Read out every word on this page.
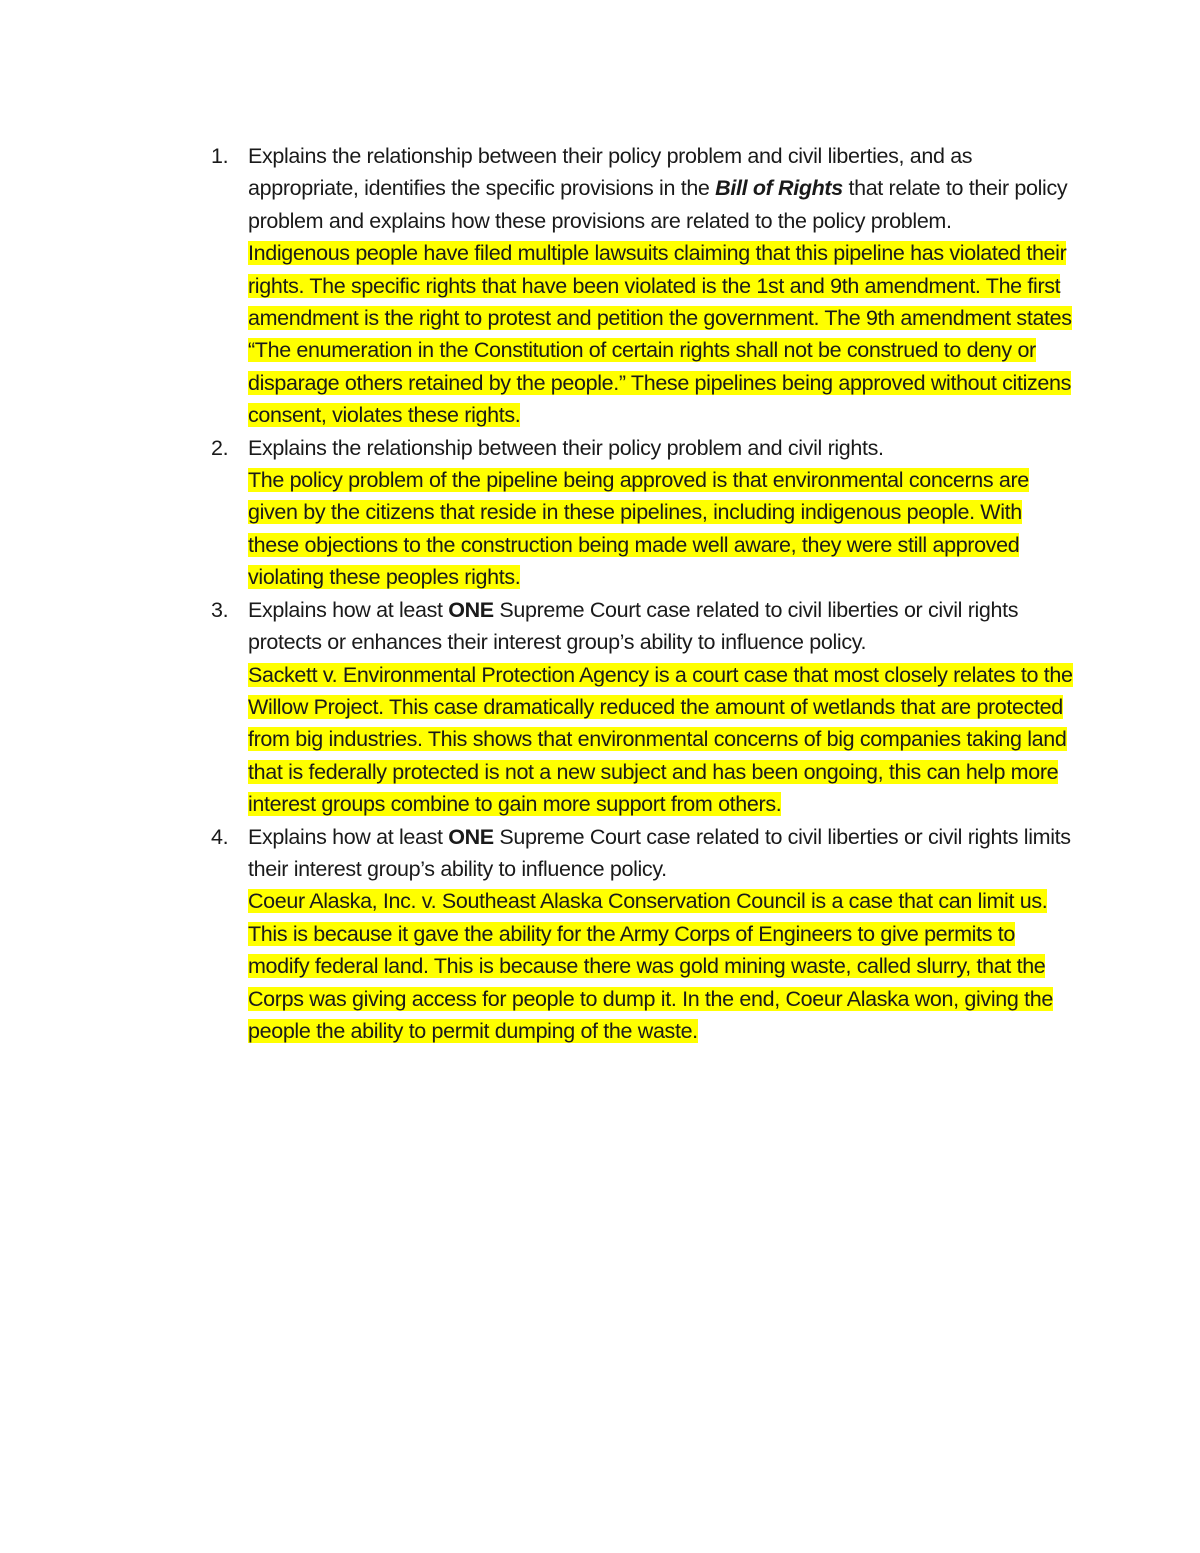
1. Explains the relationship between their policy problem and civil liberties, and as appropriate, identifies the specific provisions in the Bill of Rights that relate to their policy problem and explains how these provisions are related to the policy problem.
Indigenous people have filed multiple lawsuits claiming that this pipeline has violated their rights. The specific rights that have been violated is the 1st and 9th amendment. The first amendment is the right to protest and petition the government. The 9th amendment states “The enumeration in the Constitution of certain rights shall not be construed to deny or disparage others retained by the people.” These pipelines being approved without citizens consent, violates these rights.
2. Explains the relationship between their policy problem and civil rights.
The policy problem of the pipeline being approved is that environmental concerns are given by the citizens that reside in these pipelines, including indigenous people. With these objections to the construction being made well aware, they were still approved violating these peoples rights.
3. Explains how at least ONE Supreme Court case related to civil liberties or civil rights protects or enhances their interest group’s ability to influence policy.
Sackett v. Environmental Protection Agency is a court case that most closely relates to the Willow Project. This case dramatically reduced the amount of wetlands that are protected from big industries. This shows that environmental concerns of big companies taking land that is federally protected is not a new subject and has been ongoing, this can help more interest groups combine to gain more support from others.
4. Explains how at least ONE Supreme Court case related to civil liberties or civil rights limits their interest group’s ability to influence policy.
Coeur Alaska, Inc. v. Southeast Alaska Conservation Council is a case that can limit us. This is because it gave the ability for the Army Corps of Engineers to give permits to modify federal land. This is because there was gold mining waste, called slurry, that the Corps was giving access for people to dump it. In the end, Coeur Alaska won, giving the people the ability to permit dumping of the waste.
